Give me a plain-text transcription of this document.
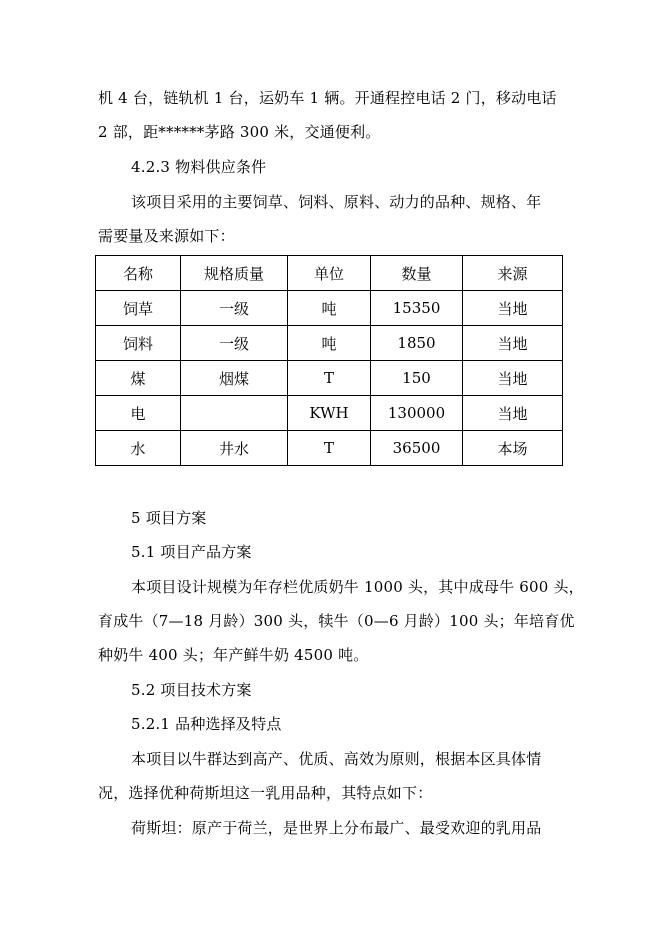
机 4 台，链轨机 1 台，运奶车 1 辆。开通程控电话 2 门，移动电话
2 部，距******茅路 300 米，交通便利。
4.2.3 物料供应条件
该项目采用的主要饲草、饲料、原料、动力的品种、规格、年
需要量及来源如下：
名称	规格质量	单位	数量	来源
饲草	一级	吨	15350	当地
饲料	一级	吨	1850	当地
煤	烟煤	T	150	当地
电		KWH	130000	当地
水	井水	T	36500	本场
5 项目方案
5.1 项目产品方案
本项目设计规模为年存栏优质奶牛 1000 头，其中成母牛 600 头，
育成牛（7—18 月龄）300 头，犊牛（0—6 月龄）100 头；年培育优
种奶牛 400 头；年产鲜牛奶 4500 吨。
5.2 项目技术方案
5.2.1 品种选择及特点
本项目以牛群达到高产、优质、高效为原则，根据本区具体情
况，选择优种荷斯坦这一乳用品种，其特点如下：
荷斯坦：原产于荷兰，是世界上分布最广、最受欢迎的乳用品
